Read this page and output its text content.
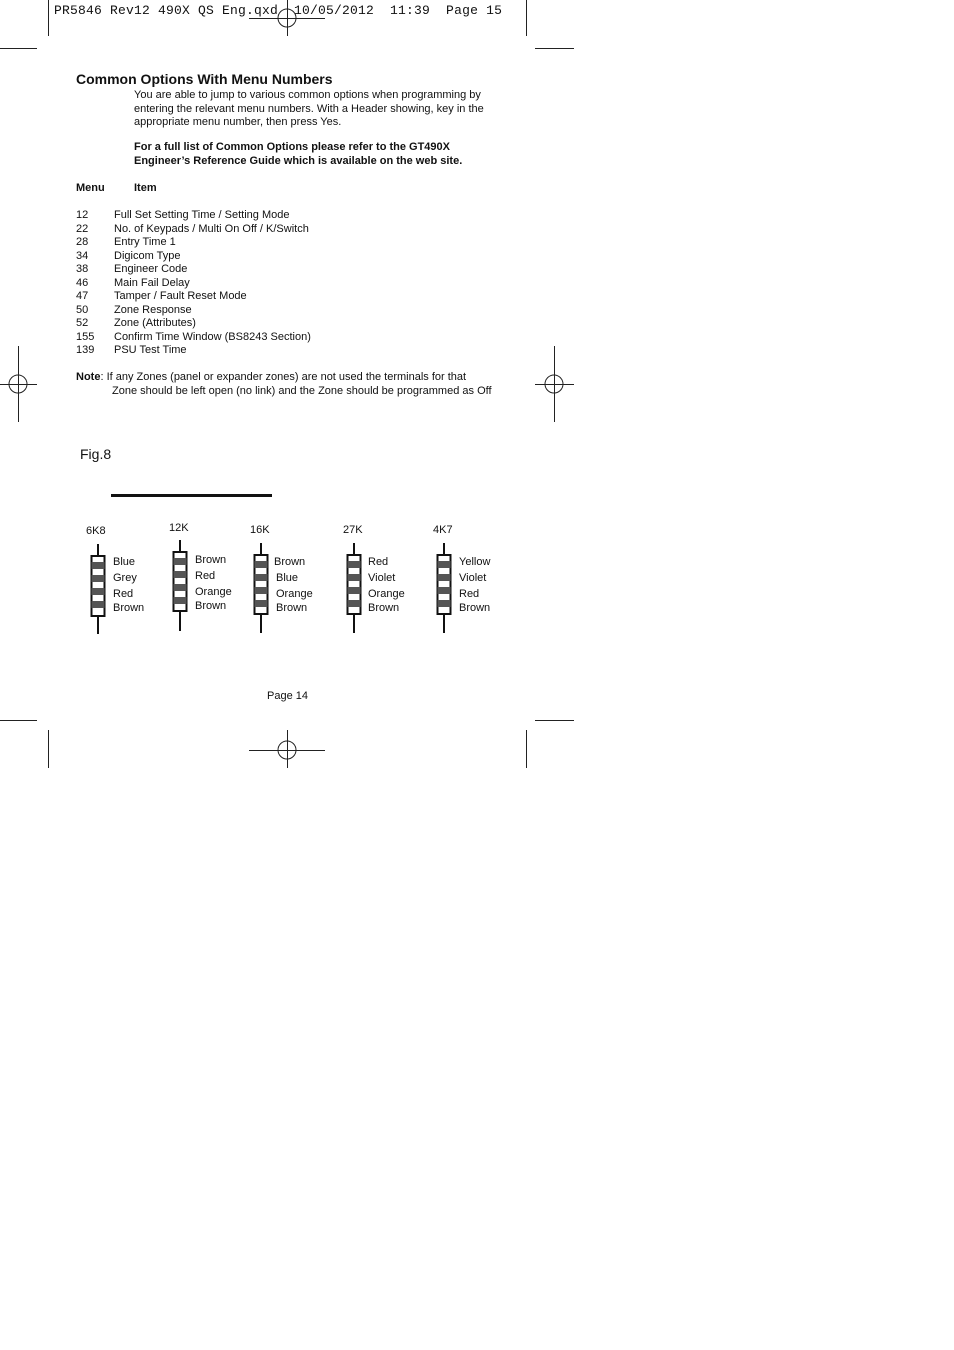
PR5846 Rev12 490X QS Eng.qxd  10/05/2012  11:39  Page 15
Common Options With Menu Numbers
You are able to jump to various common options when programming by
entering the relevant menu numbers. With a Header showing, key in the
appropriate menu number, then press Yes.
For a full list of Common Options please refer to the GT490X
Engineer’s Reference Guide which is available on the web site.
Menu	Item
12 Full Set Setting Time / Setting Mode
22 No. of Keypads / Multi On Off / K/Switch
28 Entry Time 1
34 Digicom Type
38 Engineer Code
46 Main Fail Delay
47 Tamper / Fault Reset Mode
50 Zone Response
52 Zone (Attributes)
155 Confirm Time Window (BS8243 Section)
139 PSU Test Time
Note: If any Zones (panel or expander zones) are not used the terminals for that
Zone should be left open (no link) and the Zone should be programmed as Off
Fig.8
6K8
Blue
Grey
Red
Brown
12K
Brown
Red
Orange
Brown
16K
Brown
Blue
Orange
Brown
27K
Red
Violet
Orange
Brown
4K7
Yellow
Violet
Red
Brown
Page 14
